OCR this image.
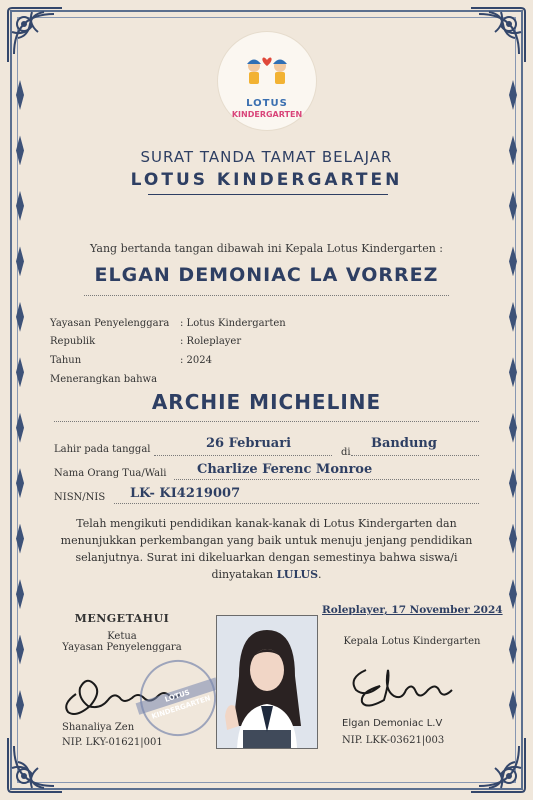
LOTUS
KINDERGARTEN
SURAT TANDA TAMAT BELAJAR
LOTUS KINDERGARTEN
Yang bertanda tangan dibawah ini Kepala Lotus Kindergarten :
ELGAN DEMONIAC LA VORREZ
Yayasan Penyelenggara : Lotus Kindergarten
Republik	: Roleplayer
Tahun	: 2024
Menerangkan bahwa
ARCHIE MICHELINE
Lahir pada tanggal	26 Februari
di
Bandung
Nama Orang Tua/Wali Charlize Ferenc Monroe
NISN/NIS LK- KI4219007
Telah mengikuti pendidikan kanak-kanak di Lotus Kindergarten dan menunjukkan perkembangan yang baik untuk menuju jenjang pendidikan selanjutnya. Surat ini dikeluarkan dengan semestinya bahwa siswa/i dinyatakan LULUS.
MENGETAHUI
Ketua
Yayasan Penyelenggara
LOTUS KINDERGARTEN
Shanaliya Zen
NIP. LKY-01621|001
Roleplayer, 17 November 2024
Kepala Lotus Kindergarten
Elgan Demoniac L.V
NIP. LKK-03621|003
